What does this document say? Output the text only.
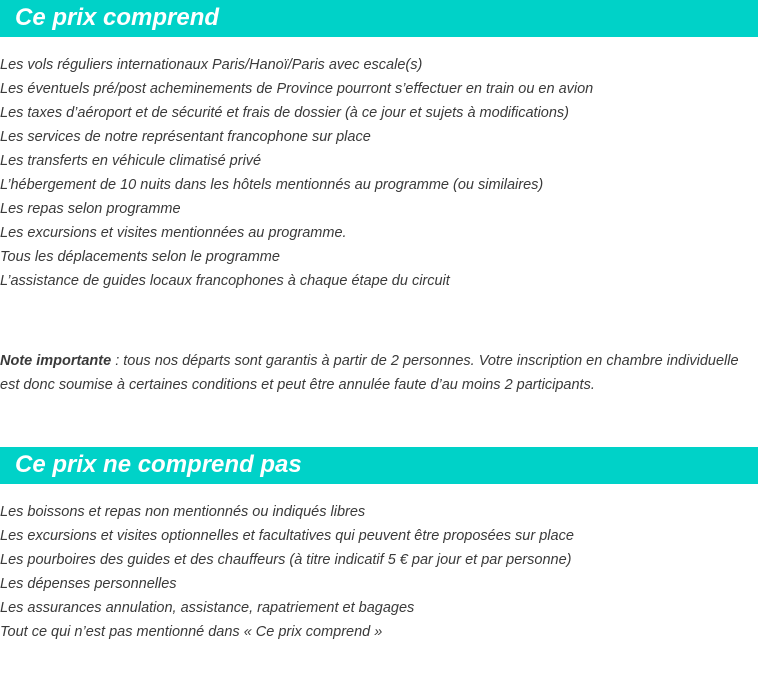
Ce prix comprend
Les vols réguliers internationaux Paris/Hanoï/Paris avec escale(s)
Les éventuels pré/post acheminements de Province pourront s’effectuer en train ou en avion
Les taxes d’aéroport et de sécurité et frais de dossier (à ce jour et sujets à modifications)
Les services de notre représentant francophone sur place
Les transferts en véhicule climatisé privé
L’hébergement de 10 nuits dans les hôtels mentionnés au programme (ou similaires)
Les repas selon programme
Les excursions et visites mentionnées au programme.
Tous les déplacements selon le programme
L’assistance de guides locaux francophones à chaque étape du circuit

Note importante : tous nos départs sont garantis à partir de 2 personnes. Votre inscription en chambre individuelle est donc soumise à certaines conditions et peut être annulée faute d’au moins 2 participants.

Ce prix ne comprend pas
Les boissons et repas non mentionnés ou indiqués libres
Les excursions et visites optionnelles et facultatives qui peuvent être proposées sur place
Les pourboires des guides et des chauffeurs (à titre indicatif 5 € par jour et par personne)
Les dépenses personnelles
Les assurances annulation, assistance, rapatriement et bagages
Tout ce qui n’est pas mentionné dans « Ce prix comprend »
